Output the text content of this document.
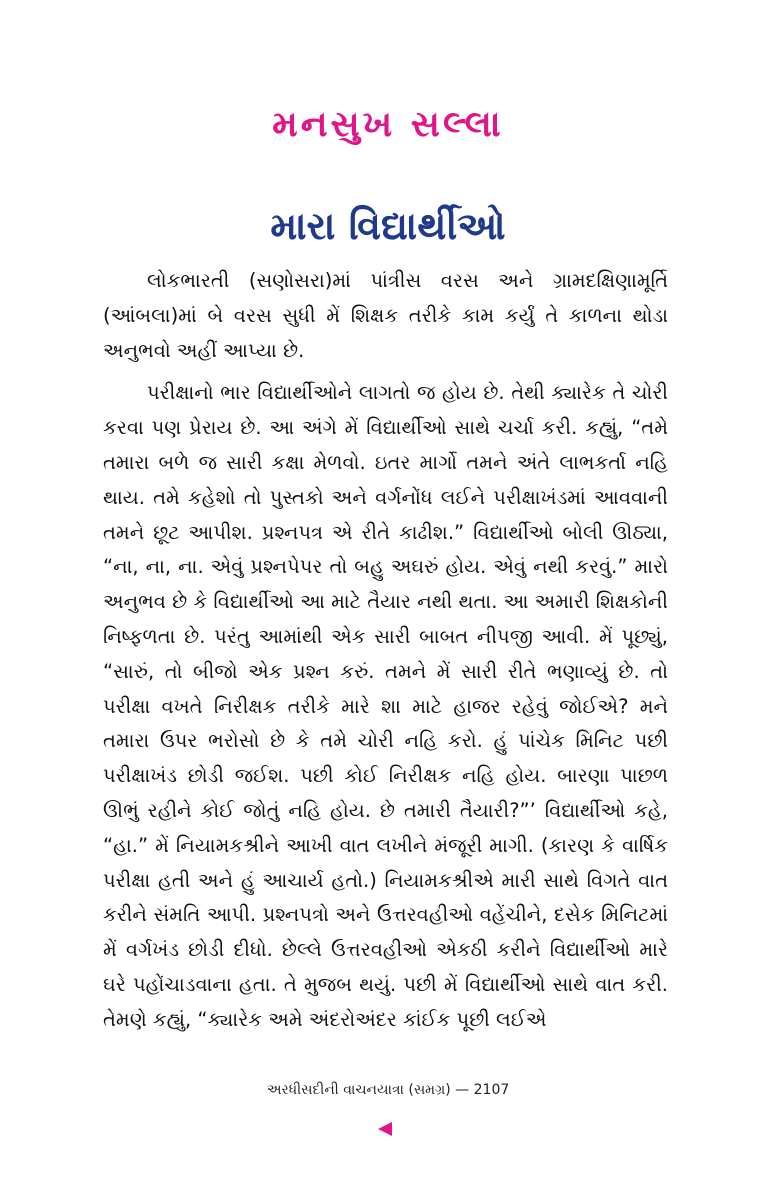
મનસુખ સલ્લા
મારા વિદ્યાર્થીઓ

લોકભારતી (સણોસરા)માં પાંત્રીસ વરસ અને ગ્રામદક્ષિણામૂર્તિ (આંબલા)માં બે વરસ સુધી મેં શિક્ષક તરીકે કામ કર્યું તે કાળના થોડા અનુભવો અહીં આપ્યા છે.

પરીક્ષાનો ભાર વિદ્યાર્થીઓને લાગતો જ હોય છે. તેથી ક્યારેક તે ચોરી કરવા પણ પ્રેરાય છે. આ અંગે મેં વિદ્યાર્થીઓ સાથે ચર્ચા કરી. કહ્યું, “તમે તમારા બળે જ સારી કક્ષા મેળવો. ઇતર માર્ગો તમને અંતે લાભકર્તા નહિ થાય. તમે કહેશો તો પુસ્તકો અને વર્ગનોંધ લઈને પરીક્ષાખંડમાં આવવાની તમને છૂટ આપીશ. પ્રશ્નપત્ર એ રીતે કાઢીશ.” વિદ્યાર્થીઓ બોલી ઊઠ્યા, “ના, ના, ના. એવું પ્રશ્નપેપર તો બહુ અઘરું હોય. એવું નથી કરવું.” મારો અનુભવ છે કે વિદ્યાર્થીઓ આ માટે તૈયાર નથી થતા. આ અમારી શિક્ષકોની નિષ્ફળતા છે. પરંતુ આમાંથી એક સારી બાબત નીપજી આવી. મેં પૂછ્યું, “સારું, તો બીજો એક પ્રશ્ન કરું. તમને મેં સારી રીતે ભણાવ્યું છે. તો પરીક્ષા વખતે નિરીક્ષક તરીકે મારે શા માટે હાજર રહેવું જોઈએ? મને તમારા ઉપર ભરોસો છે કે તમે ચોરી નહિ કરો. હું પાંચેક મિનિટ પછી પરીક્ષાખંડ છોડી જઈશ. પછી કોઈ નિરીક્ષક નહિ હોય. બારણા પાછળ ઊભું રહીને કોઈ જોતું નહિ હોય. છે તમારી તૈયારી?”’ વિદ્યાર્થીઓ કહે, “હા.” મેં નિયામકશ્રીને આખી વાત લખીને મંજૂરી માગી. (કારણ કે વાર્ષિક પરીક્ષા હતી અને હું આચાર્ય હતો.) નિયામકશ્રીએ મારી સાથે વિગતે વાત કરીને સંમતિ આપી. પ્રશ્નપત્રો અને ઉત્તરવહીઓ વહેંચીને, દસેક મિનિટમાં મેં વર્ગખંડ છોડી દીધો. છેલ્લે ઉત્તરવહીઓ એકઠી કરીને વિદ્યાર્થીઓ મારે ઘરે પહોંચાડવાના હતા. તે મુજબ થયું. પછી મેં વિદ્યાર્થીઓ સાથે વાત કરી. તેમણે કહ્યું, “ક્યારેક અમે અંદરોઅંદર કાંઈક પૂછી લઈએ

અરધીસદીની વાચનયાત્રા (સમગ્ર) — 2107
